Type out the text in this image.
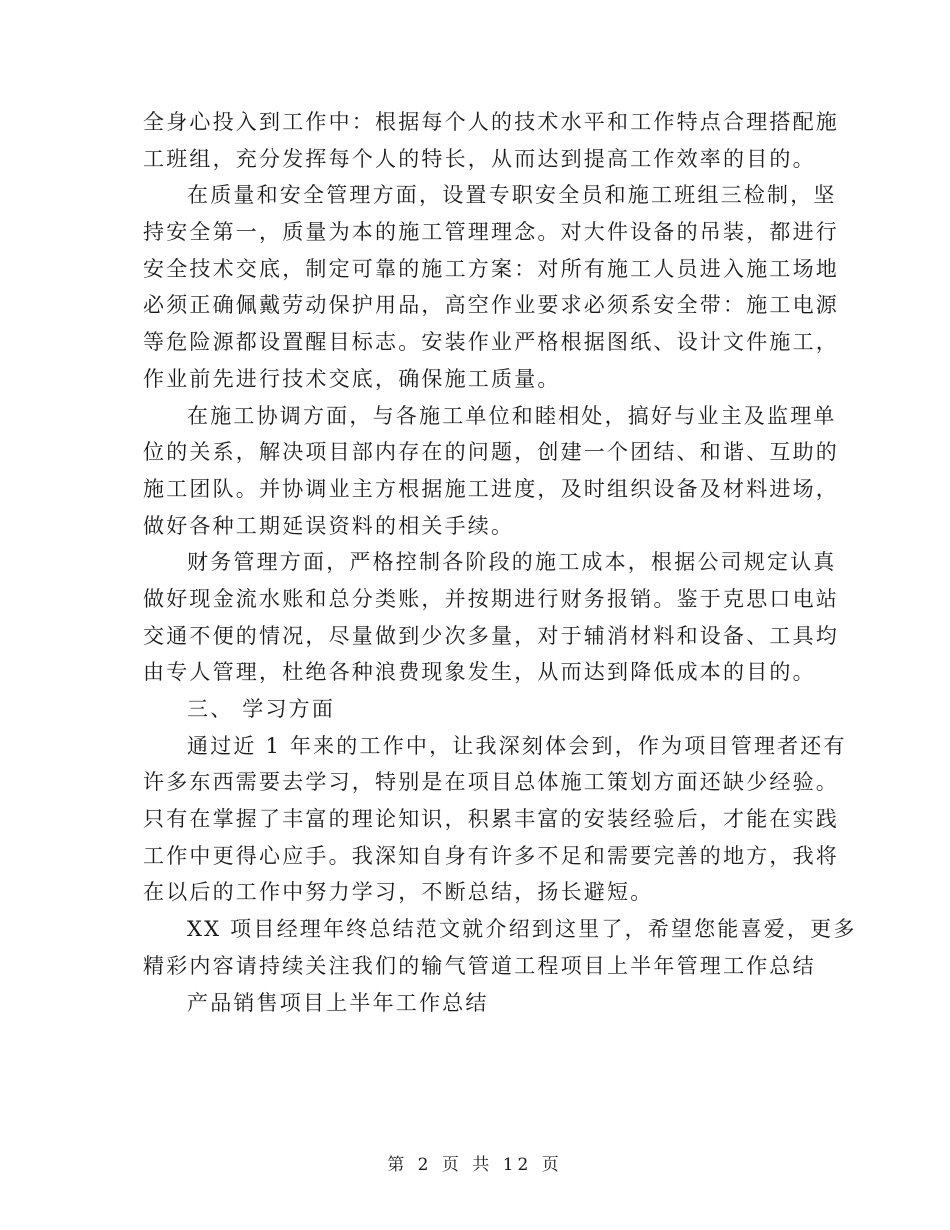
全身心投入到工作中：根据每个人的技术水平和工作特点合理搭配施
工班组，充分发挥每个人的特长，从而达到提高工作效率的目的。
在质量和安全管理方面，设置专职安全员和施工班组三检制，坚
持安全第一，质量为本的施工管理理念。对大件设备的吊装，都进行
安全技术交底，制定可靠的施工方案：对所有施工人员进入施工场地
必须正确佩戴劳动保护用品，高空作业要求必须系安全带：施工电源
等危险源都设置醒目标志。安装作业严格根据图纸、设计文件施工，
作业前先进行技术交底，确保施工质量。
在施工协调方面，与各施工单位和睦相处，搞好与业主及监理单
位的关系，解决项目部内存在的问题，创建一个团结、和谐、互助的
施工团队。并协调业主方根据施工进度，及时组织设备及材料进场，
做好各种工期延误资料的相关手续。
财务管理方面，严格控制各阶段的施工成本，根据公司规定认真
做好现金流水账和总分类账，并按期进行财务报销。鉴于克思口电站
交通不便的情况，尽量做到少次多量，对于辅消材料和设备、工具均
由专人管理，杜绝各种浪费现象发生，从而达到降低成本的目的。
三、 学习方面
通过近 1 年来的工作中，让我深刻体会到，作为项目管理者还有
许多东西需要去学习，特别是在项目总体施工策划方面还缺少经验。
只有在掌握了丰富的理论知识，积累丰富的安装经验后，才能在实践
工作中更得心应手。我深知自身有许多不足和需要完善的地方，我将
在以后的工作中努力学习，不断总结，扬长避短。
XX 项目经理年终总结范文就介绍到这里了，希望您能喜爱，更多
精彩内容请持续关注我们的输气管道工程项目上半年管理工作总结
产品销售项目上半年工作总结
第 2 页 共 12 页
